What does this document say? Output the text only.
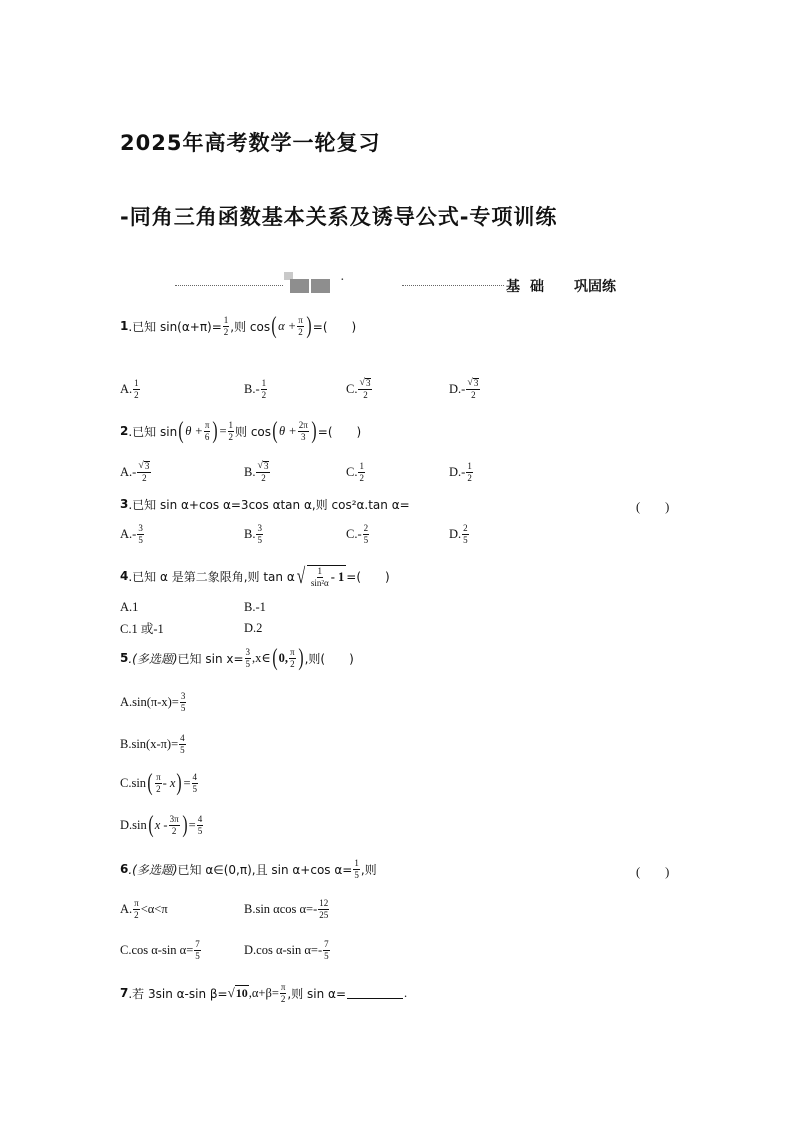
2025年高考数学一轮复习
-同角三角函数基本关系及诱导公式-专项训练
·	基 础 巩固练
1 .已知 $\sin(\alpha+\pi)= \frac{1}{2}$ ,则 cos ( $\alpha + \frac{\pi}{2}$ ) =(　　)
A. $\frac{1}{2}$	$B.- \frac{1}{2}$	C. $\frac{√ 3}{2}$	$D.- \frac{√ 3}{2}$
2 .已知 sin ( $\theta + \frac{\pi}{6}$ ) = $\frac{1}{2}$ 则 cos ( $\theta + \frac{2\pi}{3}$ ) =(　　)
$A.- \frac{√ 3}{2}$	B. $\frac{√ 3}{2}$	C. $\frac{1}{2}$	$D.- \frac{1}{2}$
3 .已知 sin α+cos α=3cos αtan α,则 cos²α.tan α=	(　　)
$A.- \frac{3}{5}$	B. $\frac{3}{5}$	$C.- \frac{2}{5}$	D. $\frac{2}{5}$
4 .已知 α 是第二象限角,则 tan α √ $\frac{1}{\text{sin²α}} - 1$ =(　　)
A.1	B.-1
C.1 或-1	D.2
5 .(多选题) 已知 $\sin x= \frac{3}{5}$ ,x∈ ( 0, $\frac{\pi}{2}$ ) ,则(　　)
$A.\sin(\pi-x)= \frac{3}{5}$
$B.\sin(x-\pi)= \frac{4}{5}$
C.sin ( $\frac{\pi}{2}$ - x ) = $\frac{4}{5}$
D.sin ( x - $\frac{3\pi}{2}$ ) = $\frac{4}{5}$
6 .(多选题) 已知 α∈(0,π),且 sin α+cos $\alpha= \frac{1}{5}$ ,则	(　　)
A. $\frac{\pi}{2} <\alpha<\pi$	B.sin αcos $\alpha=- \frac{12}{25}$
C.cos α-sin $\alpha= \frac{7}{5}$	D.cos α-sin $\alpha=- \frac{7}{5}$
7 .若 3sin α-sin β= √ 10 $,\alpha+\beta= \frac{\pi}{2}$ ,则 sin α=	.
